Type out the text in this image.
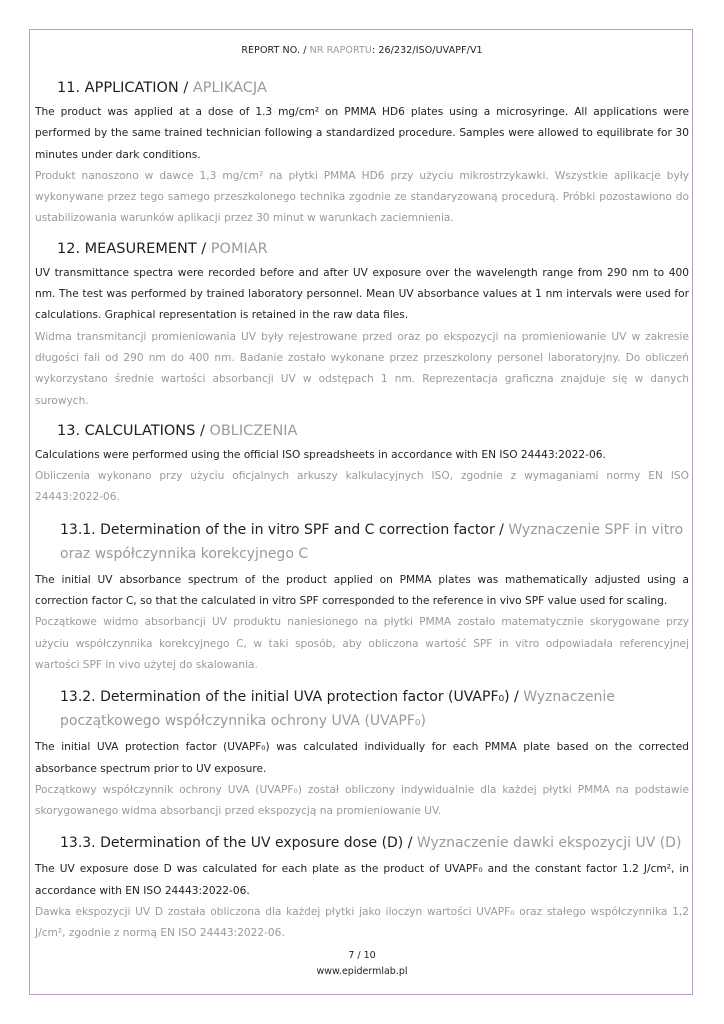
REPORT NO. / NR RAPORTU: 26/232/ISO/UVAPF/V1
11. APPLICATION / APLIKACJA

The product was applied at a dose of 1.3 mg/cm² on PMMA HD6 plates using a microsyringe. All applications were performed by the same trained technician following a standardized procedure. Samples were allowed to equilibrate for 30 minutes under dark conditions.

Produkt nanoszono w dawce 1,3 mg/cm² na płytki PMMA HD6 przy użyciu mikrostrzykawki. Wszystkie aplikacje były wykonywane przez tego samego przeszkolonego technika zgodnie ze standaryzowaną procedurą. Próbki pozostawiono do ustabilizowania warunków aplikacji przez 30 minut w warunkach zaciemnienia.

12. MEASUREMENT / POMIAR

UV transmittance spectra were recorded before and after UV exposure over the wavelength range from 290 nm to 400 nm. The test was performed by trained laboratory personnel. Mean UV absorbance values at 1 nm intervals were used for calculations. Graphical representation is retained in the raw data files.

Widma transmitancji promieniowania UV były rejestrowane przed oraz po ekspozycji na promieniowanie UV w zakresie długości fali od 290 nm do 400 nm. Badanie zostało wykonane przez przeszkolony personel laboratoryjny. Do obliczeń wykorzystano średnie wartości absorbancji UV w odstępach 1 nm. Reprezentacja graficzna znajduje się w danych surowych.

13. CALCULATIONS / OBLICZENIA

Calculations were performed using the official ISO spreadsheets in accordance with EN ISO 24443:2022-06.

Obliczenia wykonano przy użyciu oficjalnych arkuszy kalkulacyjnych ISO, zgodnie z wymaganiami normy EN ISO 24443:2022-06.

13.1. Determination of the in vitro SPF and C correction factor / Wyznaczenie SPF in vitro oraz współczynnika korekcyjnego C

The initial UV absorbance spectrum of the product applied on PMMA plates was mathematically adjusted using a correction factor C, so that the calculated in vitro SPF corresponded to the reference in vivo SPF value used for scaling.

Początkowe widmo absorbancji UV produktu naniesionego na płytki PMMA zostało matematycznie skorygowane przy użyciu współczynnika korekcyjnego C, w taki sposób, aby obliczona wartość SPF in vitro odpowiadała referencyjnej wartości SPF in vivo użytej do skalowania.

13.2. Determination of the initial UVA protection factor (UVAPF₀) / Wyznaczenie początkowego współczynnika ochrony UVA (UVAPF₀)

The initial UVA protection factor (UVAPF₀) was calculated individually for each PMMA plate based on the corrected absorbance spectrum prior to UV exposure.

Początkowy współczynnik ochrony UVA (UVAPF₀) został obliczony indywidualnie dla każdej płytki PMMA na podstawie skorygowanego widma absorbancji przed ekspozycją na promieniowanie UV.

13.3. Determination of the UV exposure dose (D) / Wyznaczenie dawki ekspozycji UV (D)

The UV exposure dose D was calculated for each plate as the product of UVAPF₀ and the constant factor 1.2 J/cm², in accordance with EN ISO 24443:2022-06.

Dawka ekspozycji UV D została obliczona dla każdej płytki jako iloczyn wartości UVAPF₀ oraz stałego współczynnika 1,2 J/cm², zgodnie z normą EN ISO 24443:2022-06.

7 / 10
www.epidermlab.pl
